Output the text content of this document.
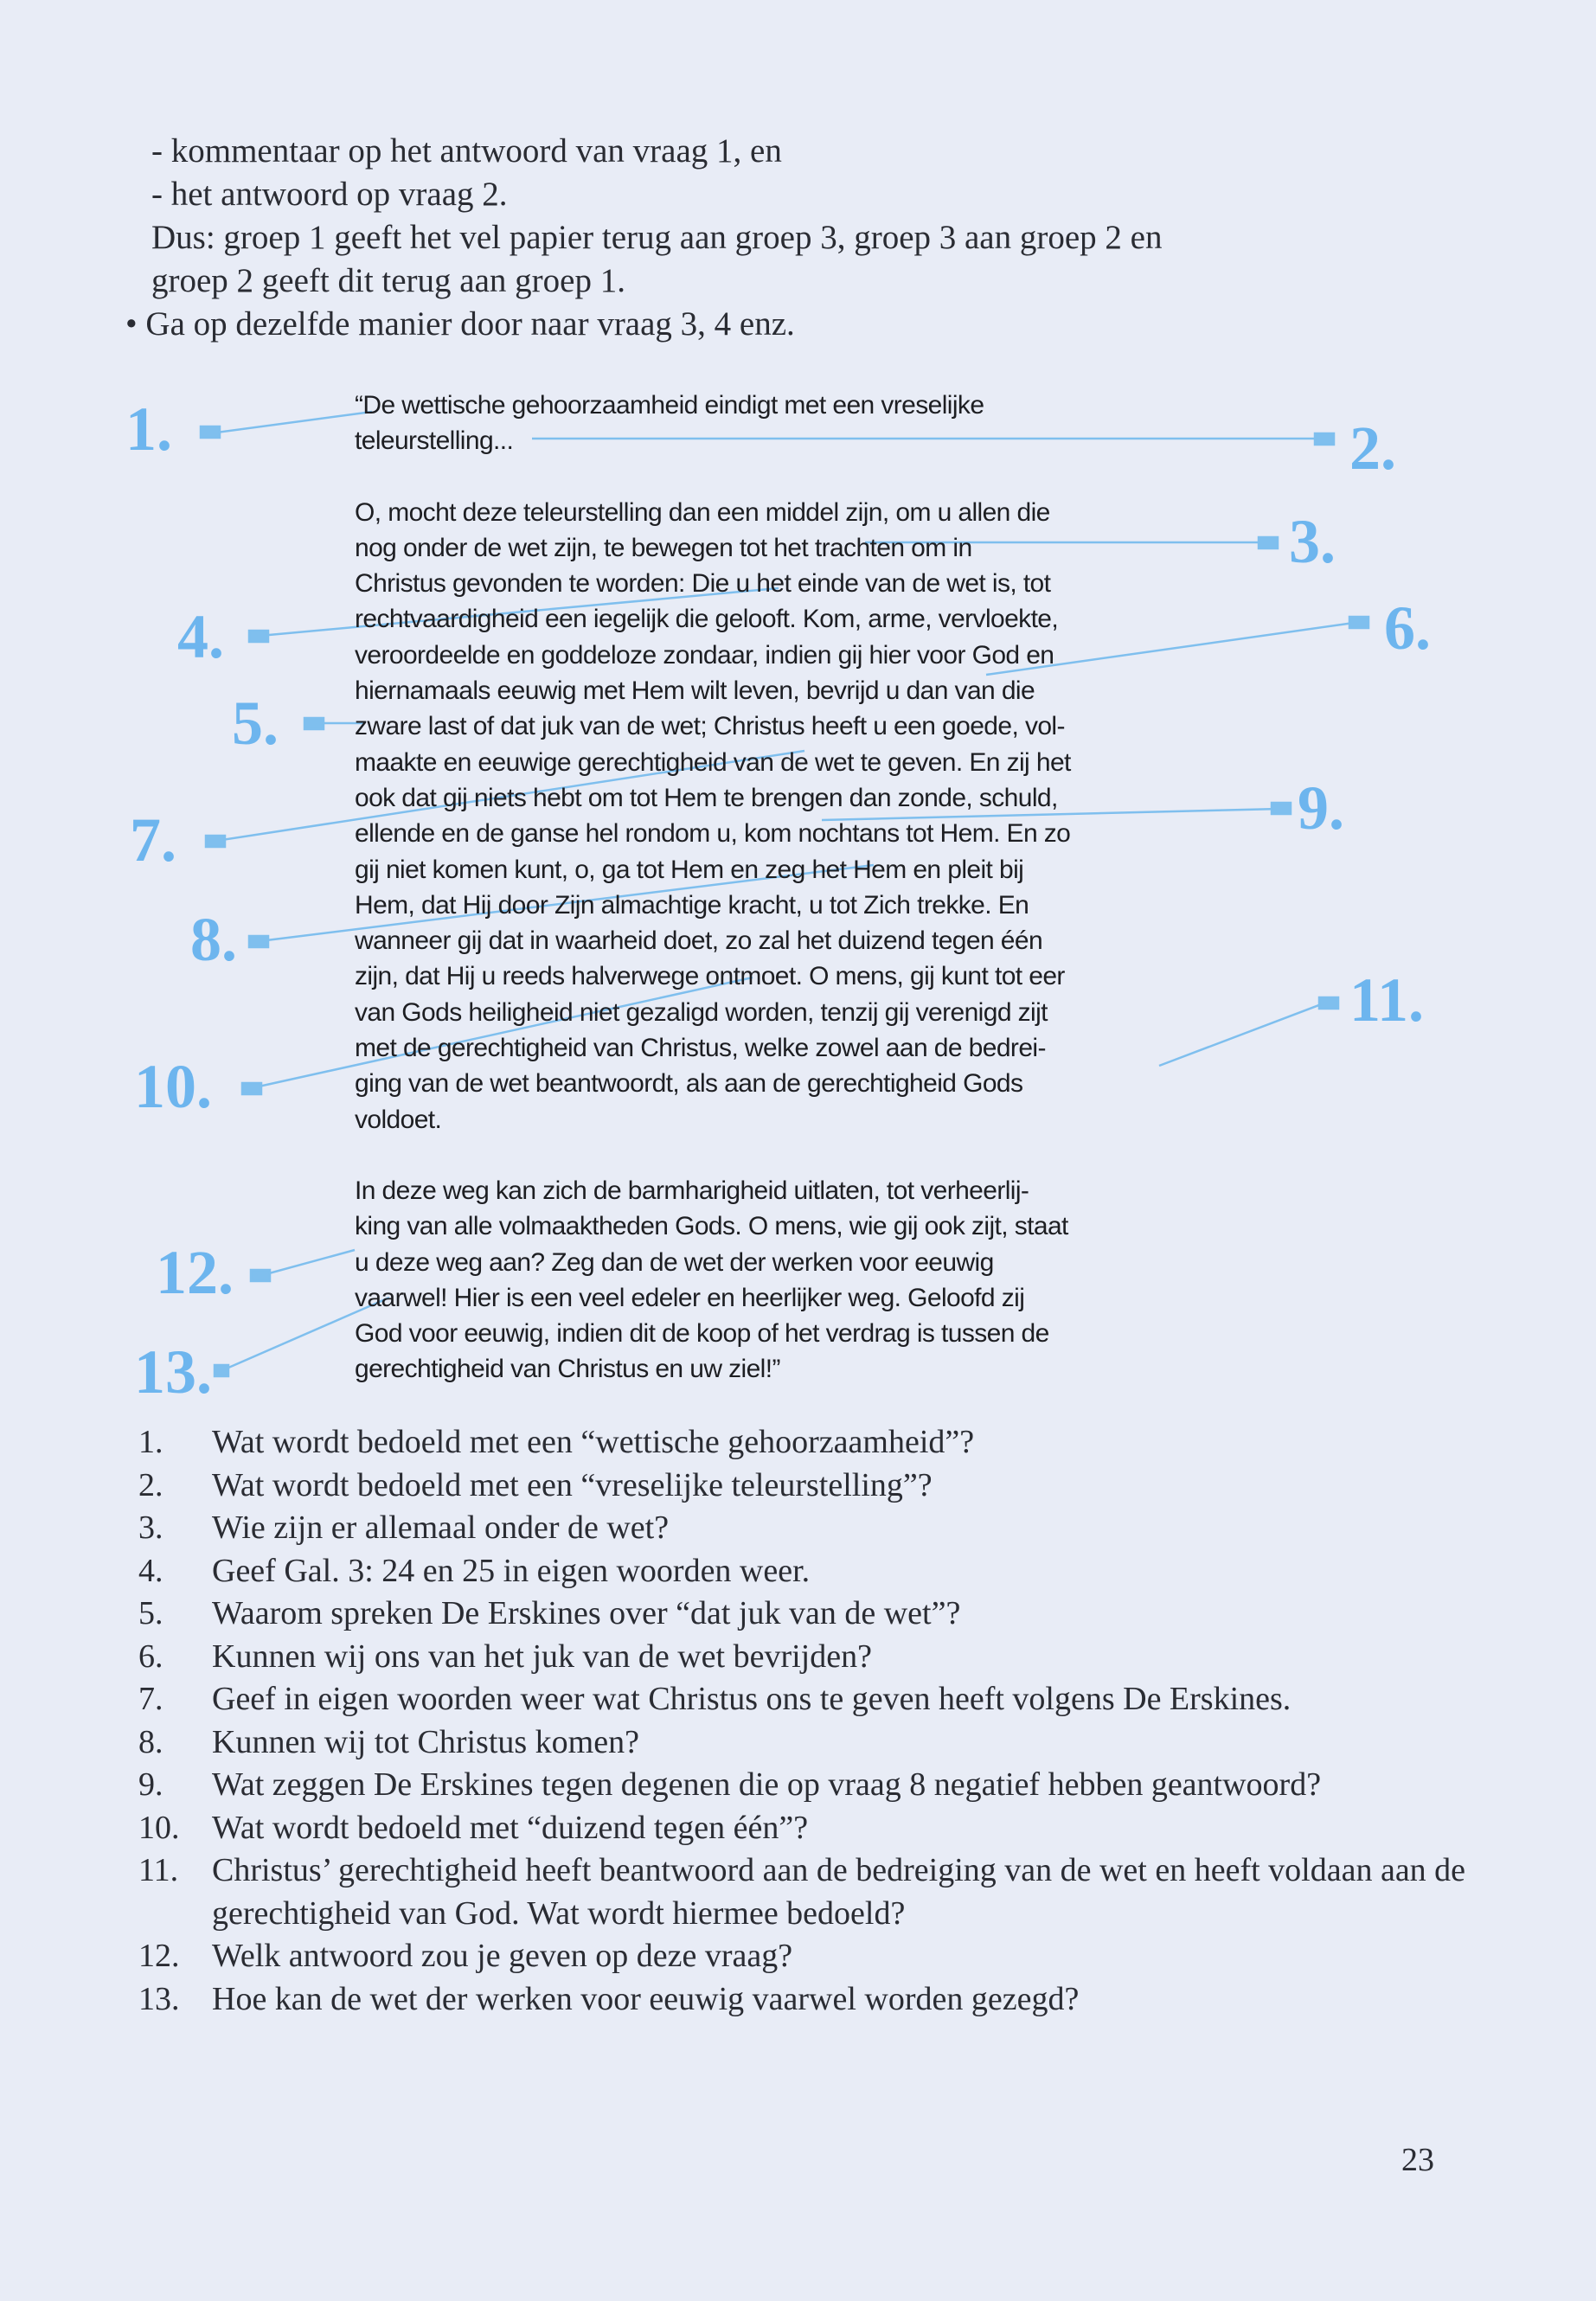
- kommentaar op het antwoord van vraag 1, en
- het antwoord op vraag 2.
Dus: groep 1 geeft het vel papier terug aan groep 3, groep 3 aan groep 2 en
groep 2 geeft dit terug aan groep 1.
• Ga op dezelfde manier door naar vraag 3, 4 enz.
1.	2.
3.
4.
5.
6.
7.
8.
9.
10.
11.
12.
13.
“De wettische gehoorzaamheid eindigt met een vreselijke
teleurstelling...
O, mocht deze teleurstelling dan een middel zijn, om u allen die
nog onder de wet zijn, te bewegen tot het trachten om in
Christus gevonden te worden: Die u het einde van de wet is, tot
rechtvaardigheid een iegelijk die gelooft. Kom, arme, vervloekte,
veroordeelde en goddeloze zondaar, indien gij hier voor God en
hiernamaals eeuwig met Hem wilt leven, bevrijd u dan van die
zware last of dat juk van de wet; Christus heeft u een goede, vol-
maakte en eeuwige gerechtigheid van de wet te geven. En zij het
ook dat gij niets hebt om tot Hem te brengen dan zonde, schuld,
ellende en de ganse hel rondom u, kom nochtans tot Hem. En zo
gij niet komen kunt, o, ga tot Hem en zeg het Hem en pleit bij
Hem, dat Hij door Zijn almachtige kracht, u tot Zich trekke. En
wanneer gij dat in waarheid doet, zo zal het duizend tegen één
zijn, dat Hij u reeds halverwege ontmoet. O mens, gij kunt tot eer
van Gods heiligheid niet gezaligd worden, tenzij gij verenigd zijt
met de gerechtigheid van Christus, welke zowel aan de bedrei-
ging van de wet beantwoordt, als aan de gerechtigheid Gods
voldoet.
In deze weg kan zich de barmharigheid uitlaten, tot verheerlij-
king van alle volmaaktheden Gods. O mens, wie gij ook zijt, staat
u deze weg aan? Zeg dan de wet der werken voor eeuwig
vaarwel! Hier is een veel edeler en heerlijker weg. Geloofd zij
God voor eeuwig, indien dit de koop of het verdrag is tussen de
gerechtigheid van Christus en uw ziel!”
1.	Wat wordt bedoeld met een “wettische gehoorzaamheid”?
2.	Wat wordt bedoeld met een “vreselijke teleurstelling”?
3.	Wie zijn er allemaal onder de wet?
4.	Geef Gal. 3: 24 en 25 in eigen woorden weer.
5.	Waarom spreken De Erskines over “dat juk van de wet”?
6.	Kunnen wij ons van het juk van de wet bevrijden?
7.	Geef in eigen woorden weer wat Christus ons te geven heeft volgens De Erskines.
8.	Kunnen wij tot Christus komen?
9.	Wat zeggen De Erskines tegen degenen die op vraag 8 negatief hebben geantwoord?
10. Wat wordt bedoeld met “duizend tegen één”?
11.	Christus’ gerechtigheid heeft beantwoord aan de bedreiging van de wet en heeft voldaan aan de gerechtigheid van God. Wat wordt hiermee bedoeld?
12. Welk antwoord zou je geven op deze vraag?
13. Hoe kan de wet der werken voor eeuwig vaarwel worden gezegd?
23
